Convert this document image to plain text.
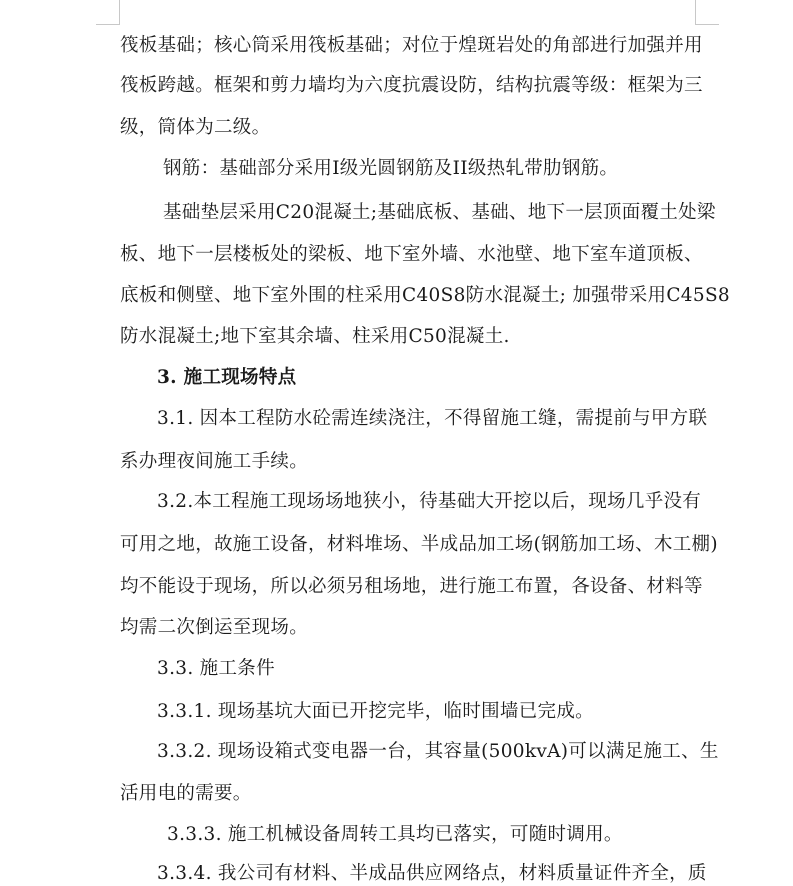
筏板基础；核心筒采用筏板基础；对位于煌斑岩处的角部进行加强并用
筏板跨越。框架和剪力墙均为六度抗震设防，结构抗震等级：框架为三
级，筒体为二级。
钢筋：基础部分采用I级光圆钢筋及II级热轧带肋钢筋。
基础垫层采用C20混凝土;基础底板、基础、地下一层顶面覆土处梁
板、地下一层楼板处的梁板、地下室外墙、水池壁、地下室车道顶板、
底板和侧壁、地下室外围的柱采用C40S8防水混凝土; 加强带采用C45S8
防水混凝土;地下室其余墙、柱采用C50混凝土.
3. 施工现场特点
3.1. 因本工程防水砼需连续浇注，不得留施工缝，需提前与甲方联
系办理夜间施工手续。
3.2.本工程施工现场场地狭小，待基础大开挖以后，现场几乎没有
可用之地，故施工设备，材料堆场、半成品加工场(钢筋加工场、木工棚)
均不能设于现场，所以必须另租场地，进行施工布置，各设备、材料等
均需二次倒运至现场。
3.3. 施工条件
3.3.1. 现场基坑大面已开挖完毕，临时围墙已完成。
3.3.2. 现场设箱式变电器一台，其容量(500kvA)可以满足施工、生
活用电的需要。
3.3.3. 施工机械设备周转工具均已落实，可随时调用。
3.3.4. 我公司有材料、半成品供应网络点，材料质量证件齐全，质
